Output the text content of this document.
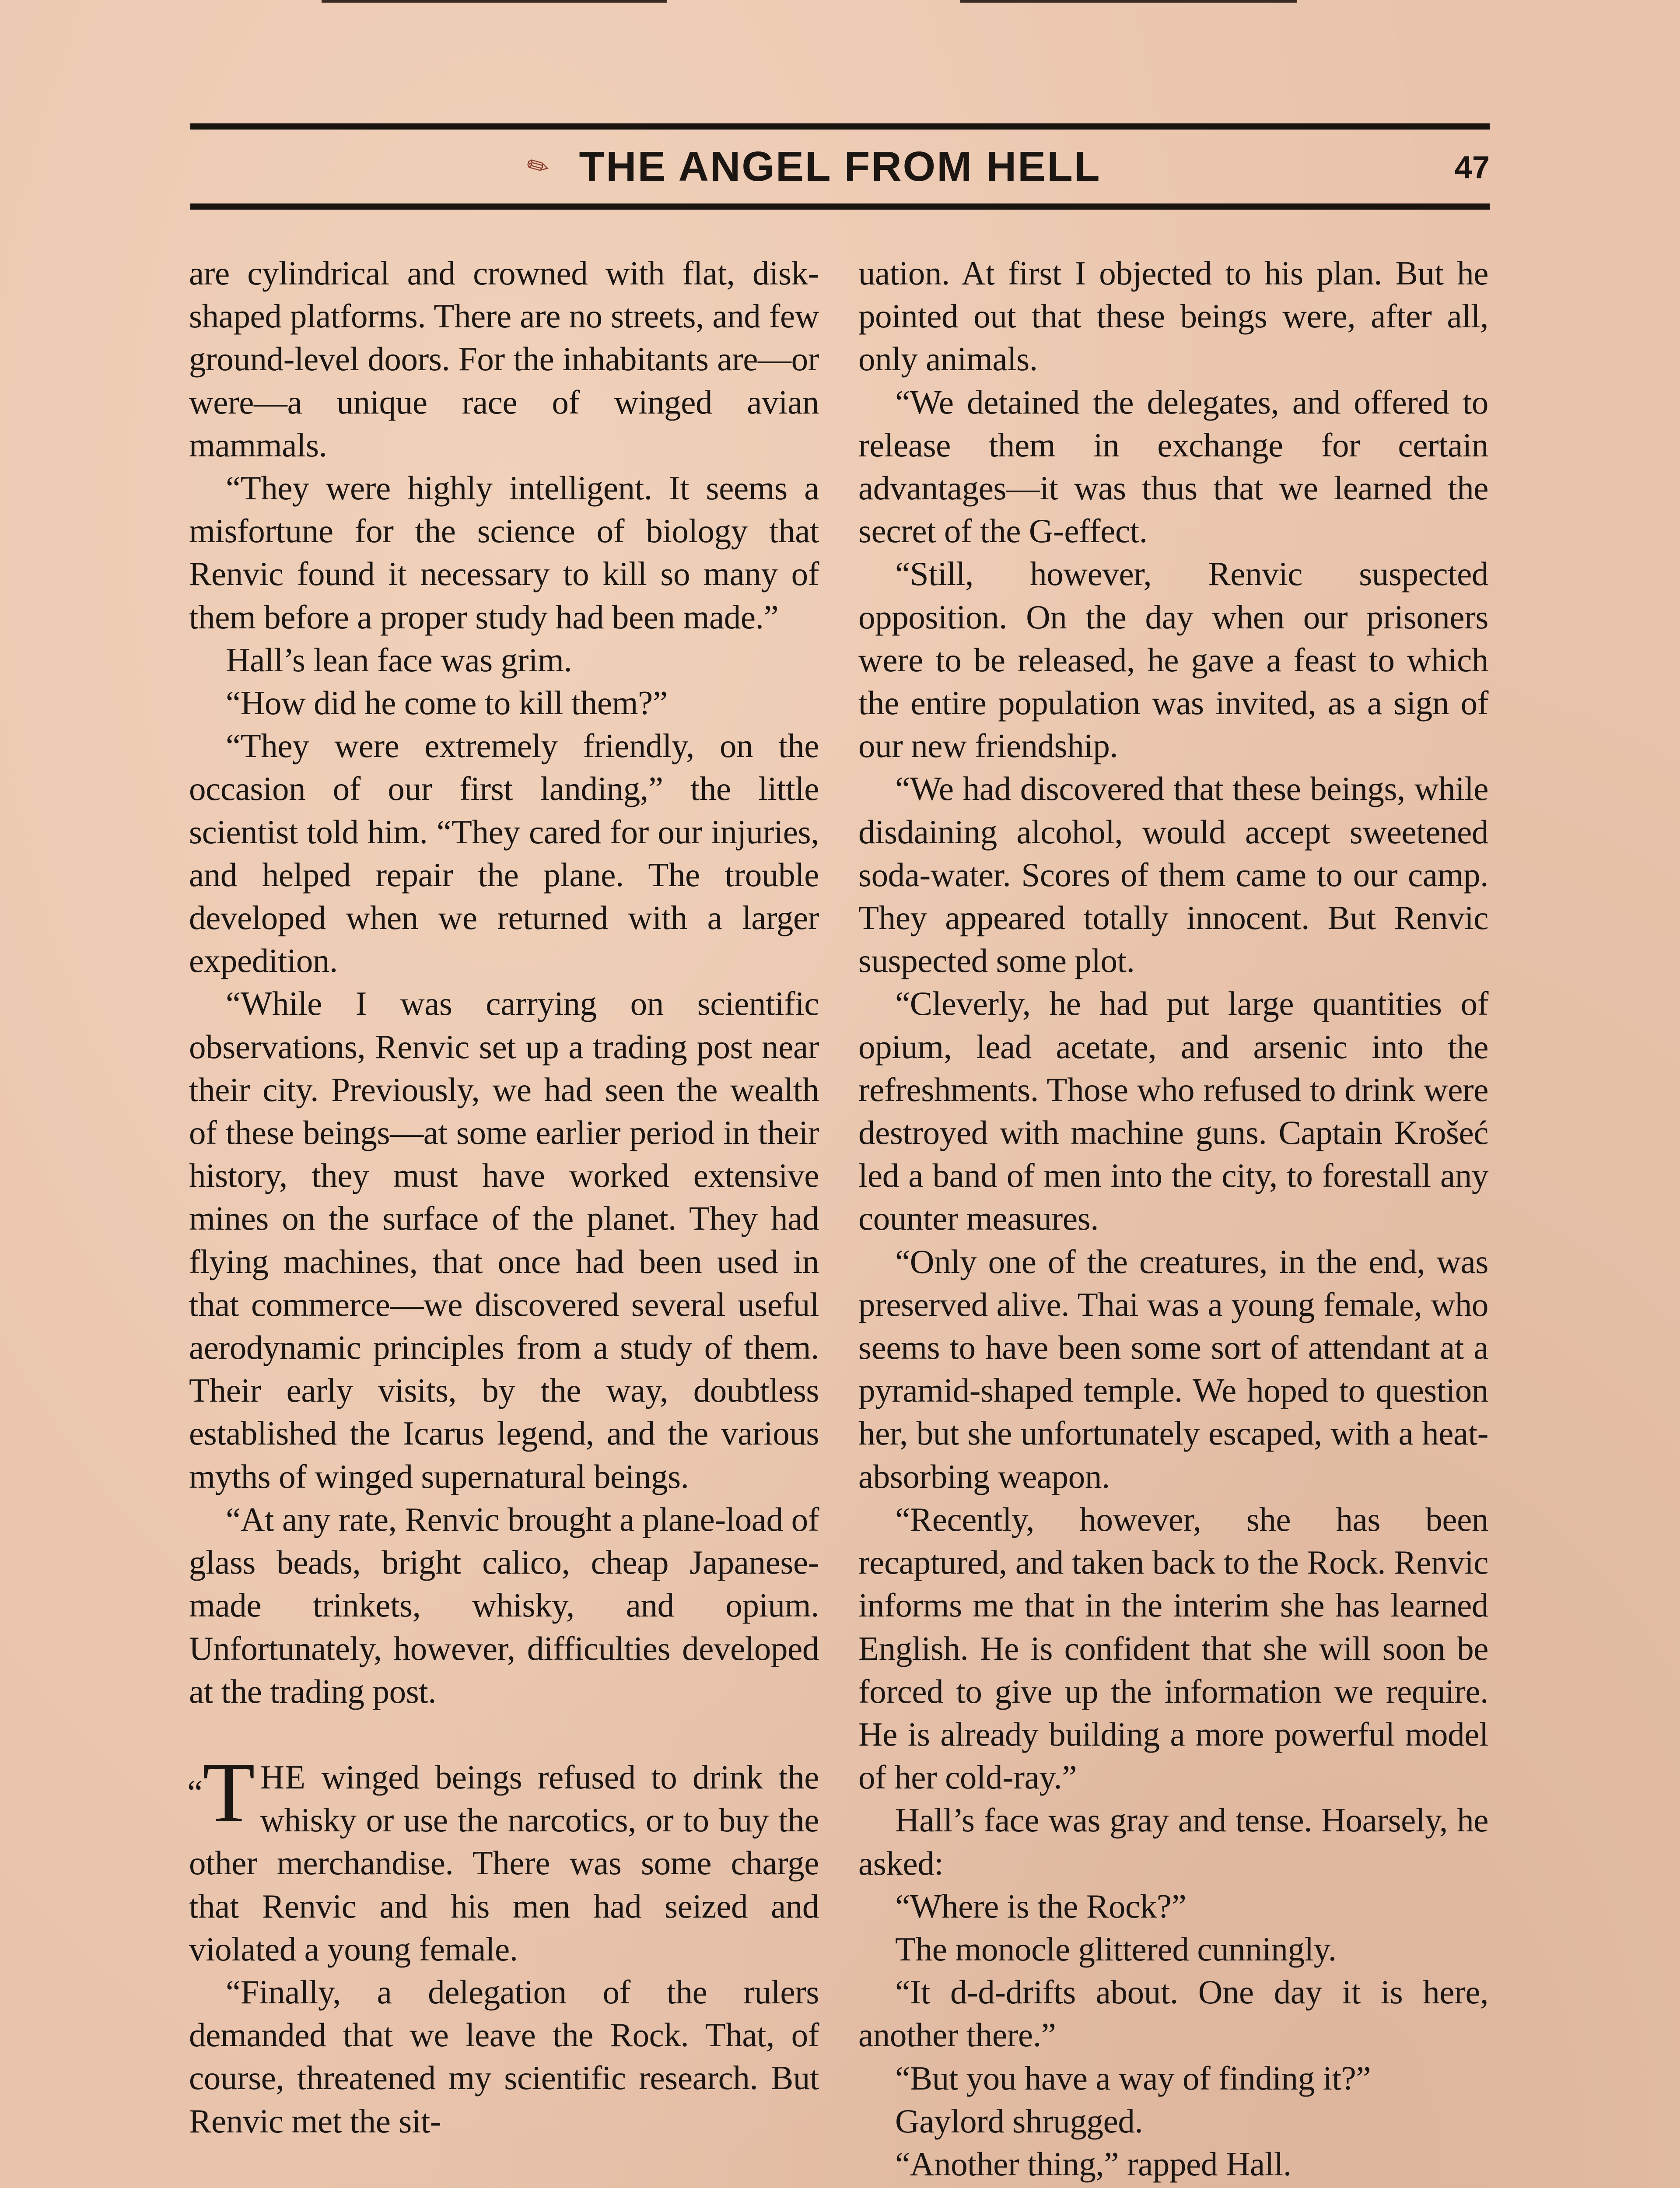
✎ THE ANGEL FROM HELL	47

are cylindrical and crowned with flat, disk-shaped platforms. There are no streets, and few ground-level doors. For the inhabitants are—or were—a unique race of winged avian mammals.

“They were highly intelligent. It seems a misfortune for the science of biology that Renvic found it necessary to kill so many of them before a proper study had been made.”

Hall’s lean face was grim.

“How did he come to kill them?”

“They were extremely friendly, on the occasion of our first landing,” the little scientist told him. “They cared for our injuries, and helped repair the plane. The trouble developed when we returned with a larger expedition.

“While I was carrying on scientific observations, Renvic set up a trading post near their city. Previously, we had seen the wealth of these beings—at some earlier period in their history, they must have worked extensive mines on the surface of the planet. They had flying machines, that once had been used in that commerce—we discovered several useful aerodynamic principles from a study of them. Their early visits, by the way, doubtless established the Icarus legend, and the various myths of winged supernatural beings.

“At any rate, Renvic brought a plane-load of glass beads, bright calico, cheap Japanese-made trinkets, whisky, and opium. Unfortunately, however, difficulties developed at the trading post.

“T HE winged beings refused to drink the whisky or use the narcotics, or to buy the other merchandise. There was some charge that Renvic and his men had seized and violated a young female.

“Finally, a delegation of the rulers demanded that we leave the Rock. That, of course, threatened my scientific research. But Renvic met the sit-

uation. At first I objected to his plan. But he pointed out that these beings were, after all, only animals.

“We detained the delegates, and offered to release them in exchange for certain advantages—it was thus that we learned the secret of the G-effect.

“Still, however, Renvic suspected opposition. On the day when our prisoners were to be released, he gave a feast to which the entire population was invited, as a sign of our new friendship.

“We had discovered that these beings, while disdaining alcohol, would accept sweetened soda-water. Scores of them came to our camp. They appeared totally innocent. But Renvic suspected some plot.

“Cleverly, he had put large quantities of opium, lead acetate, and arsenic into the refreshments. Those who refused to drink were destroyed with machine guns. Captain Krošeć led a band of men into the city, to forestall any counter measures.

“Only one of the creatures, in the end, was preserved alive. Thai was a young female, who seems to have been some sort of attendant at a pyramid-shaped temple. We hoped to question her, but she unfortunately escaped, with a heat-absorbing weapon.

“Recently, however, she has been recaptured, and taken back to the Rock. Renvic informs me that in the interim she has learned English. He is confident that she will soon be forced to give up the information we require. He is already building a more powerful model of her cold-ray.”

Hall’s face was gray and tense. Hoarsely, he asked:

“Where is the Rock?”

The monocle glittered cunningly.

“It d-d-drifts about. One day it is here, another there.”

“But you have a way of finding it?”

Gaylord shrugged.

“Another thing,” rapped Hall.
